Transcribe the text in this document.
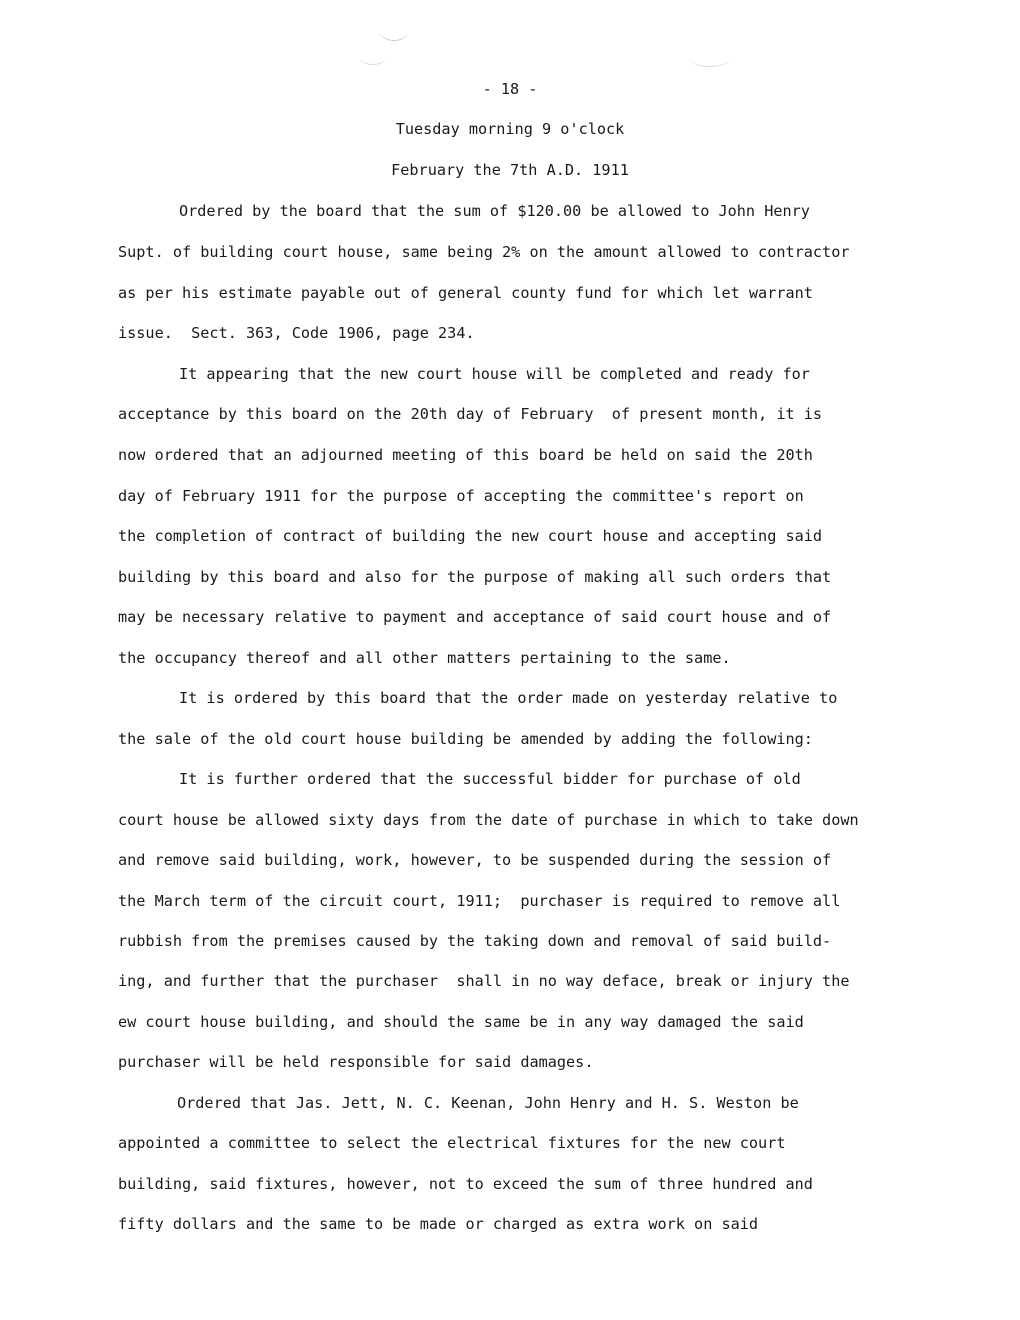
- 18 -
Tuesday morning 9 o'clock
February the 7th A.D. 1911
Ordered by the board that the sum of $120.00 be allowed to John Henry
Supt. of building court house, same being 2% on the amount allowed to contractor
as per his estimate payable out of general county fund for which let warrant
issue.  Sect. 363, Code 1906, page 234.
It appearing that the new court house will be completed and ready for
acceptance by this board on the 20th day of February  of present month, it is
now ordered that an adjourned meeting of this board be held on said the 20th
day of February 1911 for the purpose of accepting the committee's report on
the completion of contract of building the new court house and accepting said
building by this board and also for the purpose of making all such orders that
may be necessary relative to payment and acceptance of said court house and of
the occupancy thereof and all other matters pertaining to the same.
It is ordered by this board that the order made on yesterday relative to
the sale of the old court house building be amended by adding the following:
It is further ordered that the successful bidder for purchase of old
court house be allowed sixty days from the date of purchase in which to take down
and remove said building, work, however, to be suspended during the session of
the March term of the circuit court, 1911;  purchaser is required to remove all
rubbish from the premises caused by the taking down and removal of said build-
ing, and further that the purchaser  shall in no way deface, break or injury the
ew court house building, and should the same be in any way damaged the said
purchaser will be held responsible for said damages.
Ordered that Jas. Jett, N. C. Keenan, John Henry and H. S. Weston be
appointed a committee to select the electrical fixtures for the new court
building, said fixtures, however, not to exceed the sum of three hundred and
fifty dollars and the same to be made or charged as extra work on said
